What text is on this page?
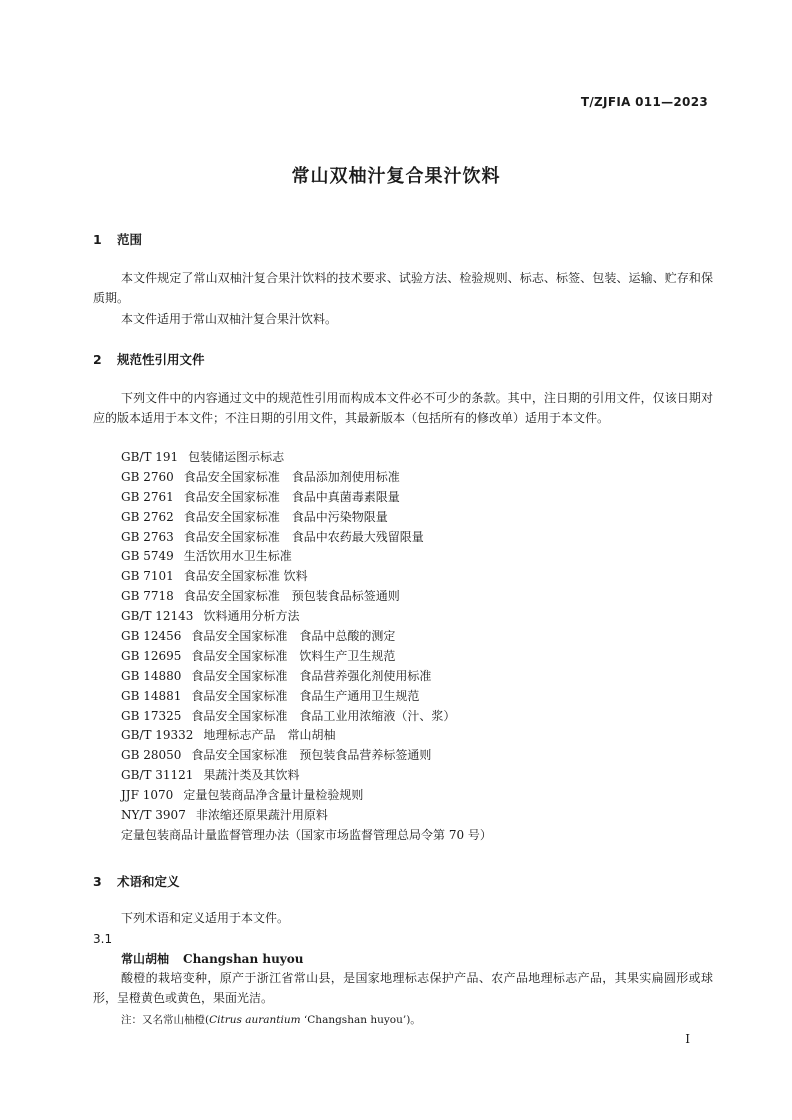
T/ZJFIA 011—2023
常山双柚汁复合果汁饮料
1 范围
本文件规定了常山双柚汁复合果汁饮料的技术要求、试验方法、检验规则、标志、标签、包装、运输、贮存和保质期。
本文件适用于常山双柚汁复合果汁饮料。
2 规范性引用文件
下列文件中的内容通过文中的规范性引用而构成本文件必不可少的条款。其中，注日期的引用文件，仅该日期对应的版本适用于本文件；不注日期的引用文件，其最新版本（包括所有的修改单）适用于本文件。
GB/T 191 包装储运图示标志
GB 2760 食品安全国家标准　食品添加剂使用标准
GB 2761 食品安全国家标准　食品中真菌毒素限量
GB 2762 食品安全国家标准　食品中污染物限量
GB 2763 食品安全国家标准　食品中农药最大残留限量
GB 5749 生活饮用水卫生标准
GB 7101 食品安全国家标准 饮料
GB 7718 食品安全国家标准　预包装食品标签通则
GB/T 12143 饮料通用分析方法
GB 12456 食品安全国家标准　食品中总酸的测定
GB 12695 食品安全国家标准　饮料生产卫生规范
GB 14880 食品安全国家标准　食品营养强化剂使用标准
GB 14881 食品安全国家标准　食品生产通用卫生规范
GB 17325 食品安全国家标准　食品工业用浓缩液（汁、浆）
GB/T 19332 地理标志产品　常山胡柚
GB 28050 食品安全国家标准　预包装食品营养标签通则
GB/T 31121 果蔬汁类及其饮料
JJF 1070 定量包装商品净含量计量检验规则
NY/T 3907 非浓缩还原果蔬汁用原料
定量包装商品计量监督管理办法（国家市场监督管理总局令第 70 号）
3 术语和定义
下列术语和定义适用于本文件。
3.1
常山胡柚 Changshan huyou
酸橙的栽培变种，原产于浙江省常山县，是国家地理标志保护产品、农产品地理标志产品，其果实扁圆形或球形，呈橙黄色或黄色，果面光洁。
注：又名常山柚橙(Citrus aurantium ‘Changshan huyou’)。
I
